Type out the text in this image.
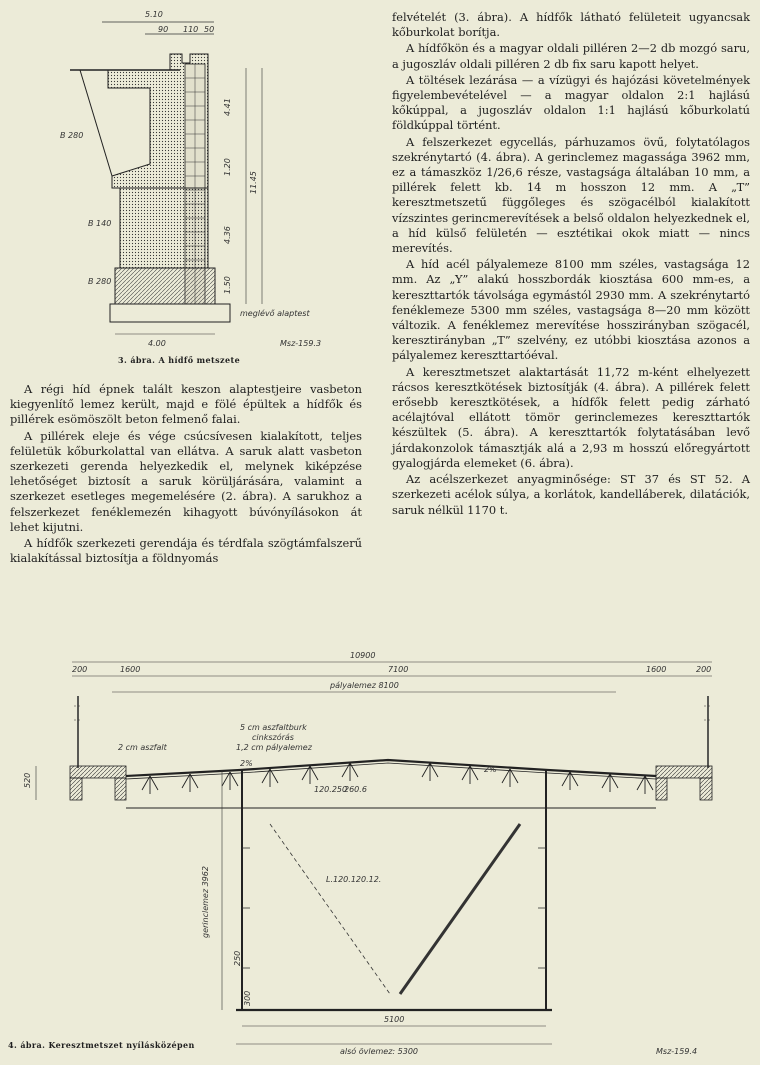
5.10
90 110 50
B 280
B 140
B 280
4.41
1.20
11.45
4.36
1.50
4.00
meglévő alaptest
Msz-159.3
3. ábra. A hídfő metszete

A régi híd épnek talált keszon alaptestjeire vasbeton kiegyenlítő lemez került, majd e fölé épültek a hídfők és pillérek esömöszölt beton felmenő falai.

A pillérek eleje és vége csúcsívesen kialakított, teljes felületük kőburkolattal van ellátva. A saruk alatt vasbeton szerkezeti gerenda helyezkedik el, melynek kiképzése lehetőséget biztosít a saruk körüljárására, valamint a szerkezet esetleges megemelésére (2. ábra). A sarukhoz a felszerkezet fenéklemezén kihagyott búvónyílásokon át lehet kijutni.

A hídfők szerkezeti gerendája és térdfala szögtámfalszerű kialakítással biztosítja a földnyomás

felvételét (3. ábra). A hídfők látható felületeit ugyancsak kőburkolat borítja.

A hídfőkön és a magyar oldali pilléren 2—2 db mozgó saru, a jugoszláv oldali pilléren 2 db fix saru kapott helyet.

A töltések lezárása — a vízügyi és hajózási követelmények figyelembevételével — a magyar oldalon 2:1 hajlású kőkúppal, a jugoszláv oldalon 1:1 hajlású kőburkolatú földkúppal történt.

A felszerkezet egycellás, párhuzamos övű, folytatólagos szekrénytartó (4. ábra). A gerinclemez magassága 3962 mm, ez a támaszköz 1/26,6 része, vastagsága általában 10 mm, a pillérek felett kb. 14 m hosszon 12 mm. A „T” keresztmetszetű függőleges és szögacélból kialakított vízszintes gerincmerevítések a belső oldalon helyezkednek el, a híd külső felületén — esztétikai okok miatt — nincs merevítés.

A híd acél pályalemeze 8100 mm széles, vastagsága 12 mm. Az „Y” alakú hosszbordák kiosztása 600 mm-es, a kereszttartók távolsága egymástól 2930 mm. A szekrénytartó fenéklemeze 5300 mm széles, vastagsága 8—20 mm között változik. A fenéklemez merevítése hosszirányban szögacél, keresztirányban „T” szelvény, ez utóbbi kiosztása azonos a pályalemez kereszttartóéval.

A keresztmetszet alaktartását 11,72 m-ként elhelyezett rácsos keresztkötések biztosítják (4. ábra). A pillérek felett erősebb keresztkötések, a hídfők felett pedig zárható acélajtóval ellátott tömör gerinclemezes kereszttartók készültek (5. ábra). A kereszttartók folytatásában levő járdakonzolok támasztják alá a 2,93 m hosszú előregyártott gyalogjárda elemeket (6. ábra).

Az acélszerkezet anyagminősége: ST 37 és ST 52. A szerkezeti acélok súlya, a korlátok, kandelláberek, dilatációk, saruk nélkül 1170 t.

10900
1600
200	7100	1600	200
pályalemez 8100
2 cm aszfalt
5 cm aszfaltburk
cinkszórás
1,2 cm pályalemez
2%
2%
120.250
260.6
L.120.120.12.
gerinclemez 3962
520
250
300
5100
alsó övlemez: 5300	Msz-159.4
4. ábra. Keresztmetszet nyílásközépen
